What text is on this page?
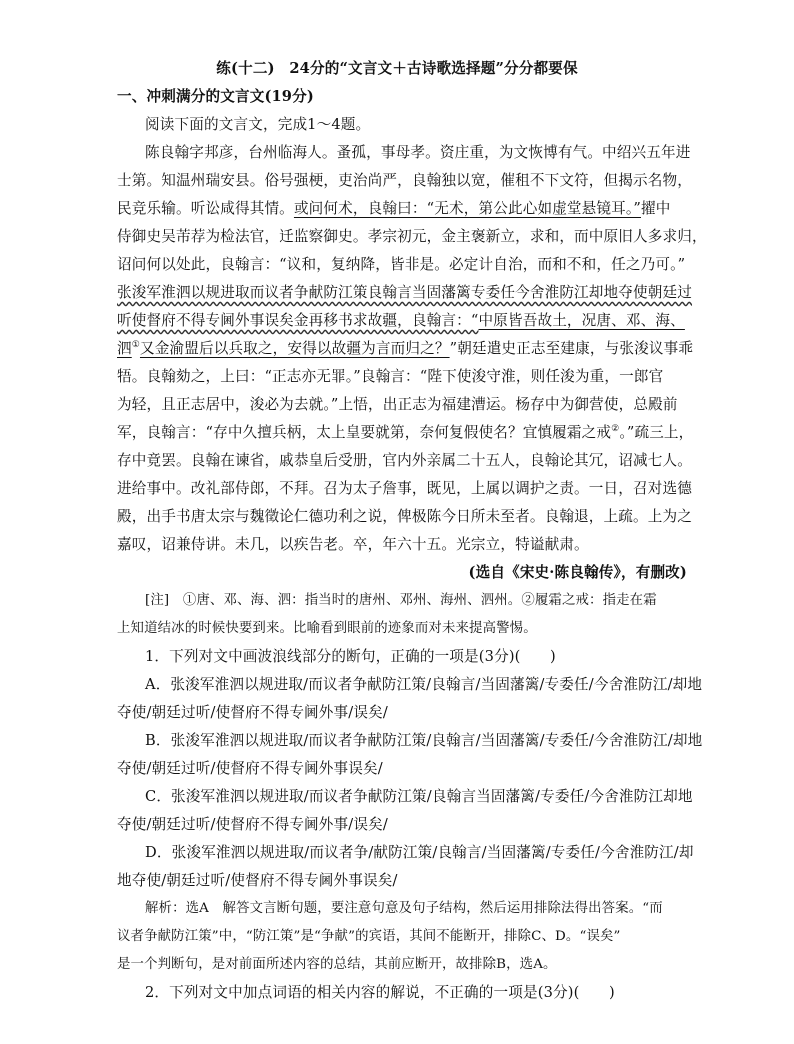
练(十二)　24分的“文言文＋古诗歌选择题”分分都要保
一、冲刺满分的文言文(19分)
阅读下面的文言文，完成1～4题。
陈良翰字邦彦，台州临海人。蚤孤，事母孝。资庄重，为文恢博有气。中绍兴五年进
士第。知温州瑞安县。俗号强梗，吏治尚严，良翰独以宽，催租不下文符，但揭示名物，
民竞乐输。听讼咸得其情。或问何术，良翰曰：“无术，第公此心如虚堂悬镜耳。”擢中
侍御史吴芾荐为检法官，迁监察御史。孝宗初元，金主褒新立，求和，而中原旧人多求归，
诏问何以处此，良翰言：“议和，复纳降，皆非是。必定计自治，而和不和，任之乃可。”
张浚军淮泗以规进取而议者争献防江策良翰言当固藩篱专委任今舍淮防江却地夺使朝廷过
听使督府不得专阃外事误矣金再移书求故疆，良翰言：“中原皆吾故土，况唐、邓、海、
泗①又金渝盟后以兵取之，安得以故疆为言而归之？”朝廷遣史正志至建康，与张浚议事乖
牾。良翰劾之，上曰：“正志亦无罪。”良翰言：“陛下使浚守淮，则任浚为重，一郎官
为轻，且正志居中，浚必为去就。”上悟，出正志为福建漕运。杨存中为御营使，总殿前
军，良翰言：“存中久擅兵柄，太上皇要就第，奈何复假使名？宜慎履霜之戒②。”疏三上，
存中竟罢。良翰在谏省，戚恭皇后受册，官内外亲属二十五人，良翰论其冗，诏减七人。
进给事中。改礼部侍郎，不拜。召为太子詹事，既见，上属以调护之责。一日，召对选德
殿，出手书唐太宗与魏徵论仁德功利之说，俾极陈今日所未至者。良翰退，上疏。上为之
嘉叹，诏兼侍讲。未几，以疾告老。卒，年六十五。光宗立，特谥献肃。
(选自《宋史·陈良翰传》，有删改)
[注]　①唐、邓、海、泗：指当时的唐州、邓州、海州、泗州。②履霜之戒：指走在霜
上知道结冰的时候快要到来。比喻看到眼前的迹象而对未来提高警惕。
1．下列对文中画波浪线部分的断句，正确的一项是(3分)(　　)
A．张浚军淮泗以规进取/而议者争献防江策/良翰言/当固藩篱/专委任/今舍淮防江/却地
夺使/朝廷过听/使督府不得专阃外事/误矣/
B．张浚军淮泗以规进取/而议者争献防江策/良翰言/当固藩篱/专委任/今舍淮防江/却地
夺使/朝廷过听/使督府不得专阃外事误矣/
C．张浚军淮泗以规进取/而议者争献防江策/良翰言当固藩篱/专委任/今舍淮防江却地
夺使/朝廷过听/使督府不得专阃外事/误矣/
D．张浚军淮泗以规进取/而议者争/献防江策/良翰言/当固藩篱/专委任/今舍淮防江/却
地夺使/朝廷过听/使督府不得专阃外事误矣/
解析：选A　解答文言断句题，要注意句意及句子结构，然后运用排除法得出答案。“而
议者争献防江策”中，“防江策”是“争献”的宾语，其间不能断开，排除C、D。“误矣”
是一个判断句，是对前面所述内容的总结，其前应断开，故排除B，选A。
2．下列对文中加点词语的相关内容的解说，不正确的一项是(3分)(　　)
